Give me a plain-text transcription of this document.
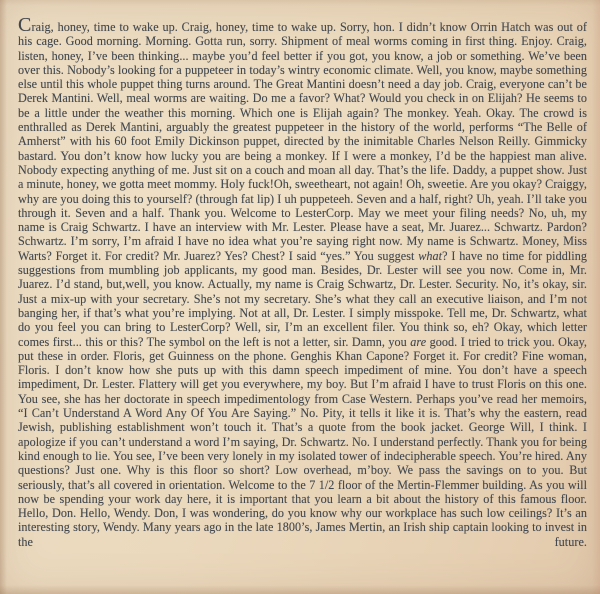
Craig, honey, time to wake up. Craig, honey, time to wake up. Sorry, hon. I didn’t know Orrin Hatch was out of his cage. Good morning. Morning. Gotta run, sorry. Shipment of meal worms coming in first thing. Enjoy. Craig, listen, honey, I’ve been thinking... maybe you’d feel better if you got, you know, a job or something. We’ve been over this. Nobody’s looking for a puppeteer in today’s wintry economic climate. Well, you know, maybe something else until this whole puppet thing turns around. The Great Mantini doesn’t need a day job. Craig, everyone can’t be Derek Mantini. Well, meal worms are waiting. Do me a favor? What? Would you check in on Elijah? He seems to be a little under the weather this morning. Which one is Elijah again? The monkey. Yeah. Okay. The crowd is enthralled as Derek Mantini, arguably the greatest puppeteer in the history of the world, performs “The Belle of Amherst” with his 60 foot Emily Dickinson puppet, directed by the inimitable Charles Nelson Reilly. Gimmicky bastard. You don’t know how lucky you are being a monkey. If I were a monkey, I’d be the happiest man alive. Nobody expecting anything of me. Just sit on a couch and moan all day. That’s the life. Daddy, a puppet show. Just a minute, honey, we gotta meet mommy. Holy fuck!Oh, sweetheart, not again! Oh, sweetie. Are you okay? Craiggy, why are you doing this to yourself? (through fat lip) I uh puppeteeh. Seven and a half, right? Uh, yeah. I’ll take you through it. Seven and a half. Thank you. Welcome to LesterCorp. May we meet your filing needs? No, uh, my name is Craig Schwartz. I have an interview with Mr. Lester. Please have a seat, Mr. Juarez... Schwartz. Pardon? Schwartz. I’m sorry, I’m afraid I have no idea what you’re saying right now. My name is Schwartz. Money, Miss Warts? Forget it. For credit? Mr. Juarez? Yes? Chest? I said “yes.” You suggest what? I have no time for piddling suggestions from mumbling job applicants, my good man. Besides, Dr. Lester will see you now. Come in, Mr. Juarez. I’d stand, but,well, you know. Actually, my name is Craig Schwartz, Dr. Lester. Security. No, it’s okay, sir. Just a mix-up with your secretary. She’s not my secretary. She’s what they call an executive liaison, and I’m not banging her, if that’s what you’re implying. Not at all, Dr. Lester. I simply misspoke. Tell me, Dr. Schwartz, what do you feel you can bring to LesterCorp? Well, sir, I’m an excellent filer. You think so, eh? Okay, which letter comes first... this or this? The symbol on the left is not a letter, sir. Damn, you are good. I tried to trick you. Okay, put these in order. Floris, get Guinness on the phone. Genghis Khan Capone? Forget it. For credit? Fine woman, Floris. I don’t know how she puts up with this damn speech impediment of mine. You don’t have a speech impediment, Dr. Lester. Flattery will get you everywhere, my boy. But I’m afraid I have to trust Floris on this one. You see, she has her doctorate in speech impedimentology from Case Western. Perhaps you’ve read her memoirs, “I Can’t Understand A Word Any Of You Are Saying.” No. Pity, it tells it like it is. That’s why the eastern, read Jewish, publishing establishment won’t touch it. That’s a quote from the book jacket. George Will, I think. I apologize if you can’t understand a word I’m saying, Dr. Schwartz. No. I understand perfectly. Thank you for being kind enough to lie. You see, I’ve been very lonely in my isolated tower of indecipherable speech. You’re hired. Any questions? Just one. Why is this floor so short? Low overhead, m’boy. We pass the savings on to you. But seriously, that’s all covered in orientation. Welcome to the 7 1/2 floor of the Mertin-Flemmer building. As you will now be spending your work day here, it is important that you learn a bit about the history of this famous floor. Hello, Don. Hello, Wendy. Don, I was wondering, do you know why our workplace has such low ceilings? It’s an interesting story, Wendy. Many years ago in the late 1800’s, James Mertin, an Irish ship captain looking to invest in the future.
